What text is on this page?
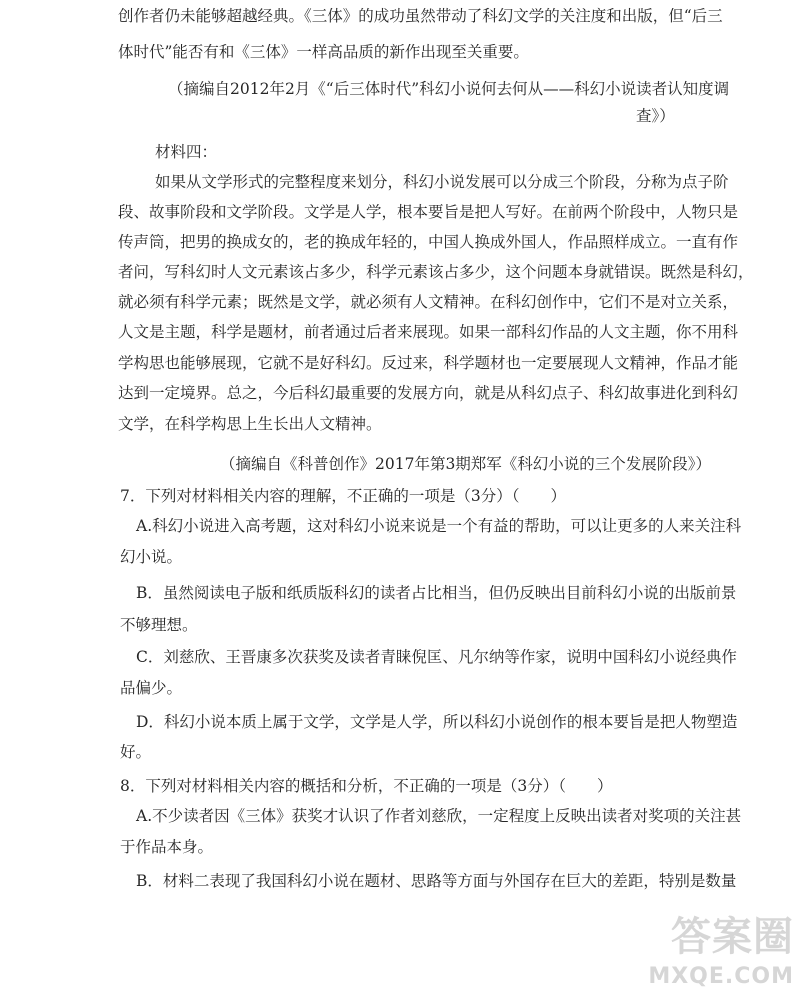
创作者仍未能够超越经典。《三体》的成功虽然带动了科幻文学的关注度和出版，但“后三
体时代”能否有和《三体》一样高品质的新作出现至关重要。
（摘编自2012年2月《“后三体时代”科幻小说何去何从——科幻小说读者认知度调
查》）
材料四：
如果从文学形式的完整程度来划分，科幻小说发展可以分成三个阶段，分称为点子阶
段、故事阶段和文学阶段。文学是人学，根本要旨是把人写好。在前两个阶段中，人物只是
传声筒，把男的换成女的，老的换成年轻的，中国人换成外国人，作品照样成立。一直有作
者问，写科幻时人文元素该占多少，科学元素该占多少，这个问题本身就错误。既然是科幻，
就必须有科学元素；既然是文学，就必须有人文精神。在科幻创作中，它们不是对立关系，
人文是主题，科学是题材，前者通过后者来展现。如果一部科幻作品的人文主题，你不用科
学构思也能够展现，它就不是好科幻。反过来，科学题材也一定要展现人文精神，作品才能
达到一定境界。总之，今后科幻最重要的发展方向，就是从科幻点子、科幻故事进化到科幻
文学，在科学构思上生长出人文精神。
（摘编自《科普创作》2017年第3期郑军《科幻小说的三个发展阶段》）
7．下列对材料相关内容的理解，不正确的一项是（3分）（　　）
A.科幻小说进入高考题，这对科幻小说来说是一个有益的帮助，可以让更多的人来关注科
幻小说。
B．虽然阅读电子版和纸质版科幻的读者占比相当，但仍反映出目前科幻小说的出版前景
不够理想。
C．刘慈欣、王晋康多次获奖及读者青睐倪匡、凡尔纳等作家，说明中国科幻小说经典作
品偏少。
D．科幻小说本质上属于文学，文学是人学，所以科幻小说创作的根本要旨是把人物塑造
好。
8．下列对材料相关内容的概括和分析，不正确的一项是（3分）（　　）
A.不少读者因《三体》获奖才认识了作者刘慈欣，一定程度上反映出读者对奖项的关注甚
于作品本身。
B．材料二表现了我国科幻小说在题材、思路等方面与外国存在巨大的差距，特别是数量
答案圈
MXQE.COM
